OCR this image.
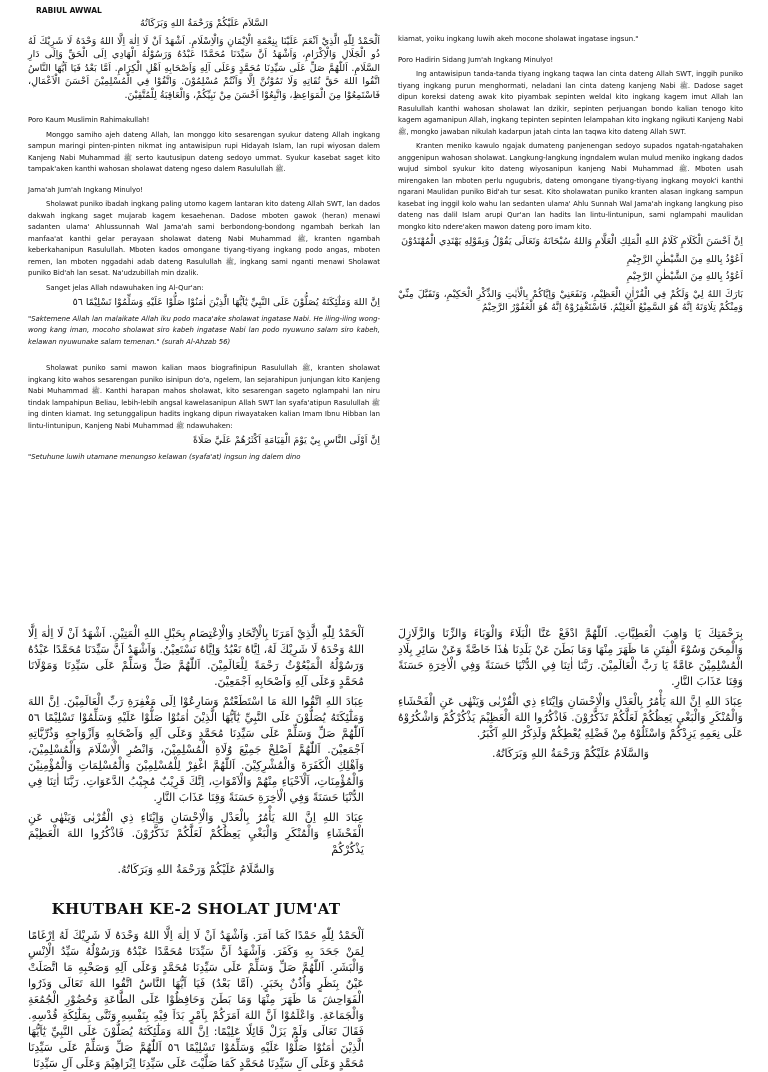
RABIUL AWWAL
السَّلاَم عَلَيْكُمْ وَرَحْمَةُ اللهِ وَبَرَكَاتُهُ
اَلْحَمْدُ لِلّٰهِ الَّذِيْ اَنْعَمَ عَلَيْنَا بِنِعْمَةِ الْاِيْمَانِ وَالْاِسْلَامِ. اَشْهَدُ اَنْ لَا اِلٰهَ اِلَّا اللهُ وَحْدَهُ لَا شَرِيْكَ لَهُ ذُو الْجَلَالِ وَالْاِكْرَامِ، وَاَشْهَدُ اَنَّ سَيِّدَنَا مُحَمَّدًا عَبْدُهُ وَرَسُوْلُهُ الْهَادِي اِلَى الْحَقِّ وَاِلَى دَارِ السَّلَامِ. اَللّٰهُمَّ صَلِّ عَلَى سَيِّدِنَا مُحَمَّدٍ وَعَلَى آلِهِ وَاَصْحَابِهِ اَهْلِ الْكِرَامِ. اَمَّا بَعْدُ فَيَا اَيُّهَا النَّاسُ اتَّقُوا اللهَ حَقَّ تُقَاتِهِ وَلَا تَمُوْتُنَّ اِلَّا وَاَنْتُمْ مُسْلِمُوْنَ. وَاتَّقُوْا فِي الْمُسْلِمِيْنَ اَحْسَنَ الْاَعْمَالِ، فَاسْتَمِعُوْا مِنَ الْمَوَاعِظِ، وَاتَّبِعُوْا اَحْسَنَ مِنْ نَبِيِّكُمْ، وَالْعَاقِبَةُ لِلْمُتَّقِيْنَ.

Poro Kaum Muslimin Rahimakullah!

Monggo samiho ajeh dateng Allah, lan monggo kito sesarengan syukur dateng Allah ingkang sampun maringi pinten-pinten nikmat ing antawisipun rupi Hidayah Islam, lan rupi wiyosan dalem Kanjeng Nabi Muhammad ﷺ serto kautusipun dateng sedoyo ummat. Syukur kasebat saget kito tampak'aken kanthi wahosan sholawat dateng ngeso dalem Rasulullah ﷺ.

Jama'ah Jum'ah Ingkang Minulyo!

Sholawat puniko ibadah ingkang paling utomo kagem lantaran kito dateng Allah SWT, lan dados dakwah ingkang saget mujarab kagem kesaehenan. Dadose mboten gawok (heran) menawi sadanten ulama' Ahlussunnah Wal Jama'ah sami berbondong-bondong ngambah berkah lan manfaa'at kanthi gelar perayaan sholawat dateng Nabi Muhammad ﷺ, kranten ngambah keberkahanipun Rasulullah. Mboten kados omongane tiyang-tiyang ingkang podo angas, mboten remen, lan mboten nggadahi adab dateng Rasulullah ﷺ, ingkang sami nganti menawi Sholawat puniko Bid'ah lan sesat. Na'udzubillah min dzalik.

Sanget jelas Allah ndawuhaken ing Al-Qur'an:

اِنَّ اللهَ وَمَلٰٓئِكَتَهُ يُصَلُّوْنَ عَلَى النَّبِيِّ يٰٓاَيُّهَا الَّذِيْنَ اٰمَنُوْا صَلُّوْا عَلَيْهِ وَسَلِّمُوْا تَسْلِيْمًا ٥٦

"Saktemene Allah lan malaikate Allah iku podo maca'ake sholawat ingatase Nabi. He iling-iling wong-wong kang iman, mocoho sholawat siro kabeh ingatase Nabi lan podo nyuwuno salam siro kabeh, kelawan nyuwunake salam temenan." (surah Al-Ahzab 56)

Sholawat puniko sami mawon kalian maos biografinipun Rasulullah ﷺ, kranten sholawat ingkang kito wahos sesarengan puniko isinipun do'a, ngelem, lan sejarahipun junjungan kito Kanjeng Nabi Muhammad ﷺ. Kanthi harapan mahos sholawat, kito sesarengan sageto nglampahi lan niru tindak lampahipun Beliau, lebih-lebih angsal kawelasanipun Allah SWT lan syafa'atipun Rasulullah ﷺ ing dinten kiamat. Ing setunggalipun hadits ingkang dipun riwayataken kalian Imam Ibnu Hibban lan lintu-lintunipun, Kanjeng Nabi Muhammad ﷺ ndawuhaken:

اِنَّ اَوْلَى النَّاسِ بِيْ يَوْمَ الْقِيَامَةِ اَكْثَرُهُمْ عَلَيَّ صَلَاةً

"Setuhune luwih utamane menungso kelawan (syafa'at) ingsun ing dalem dino

kiamat, yoiku ingkang luwih akeh mocone sholawat ingatase ingsun."

Poro Hadirin Sidang Jum'ah Ingkang Minulyo!

Ing antawisipun tanda-tanda tiyang ingkang taqwa lan cinta dateng Allah SWT, inggih puniko tiyang ingkang purun menghormati, neladani lan cinta dateng kanjeng Nabi ﷺ. Dadose saget dipun koreksi dateng awak kito piyambak sepinten weldal kito ingkang kagem imut Allah lan Rasulullah kanthi wahosan sholawat lan dzikir, sepinten perjuangan bondo kalian tenogo kito kagem agamanipun Allah, ingkang tepinten sepinten lelampahan kito ingkang ngikuti Kanjeng Nabi ﷺ, mongko jawaban nikulah kadarpun jatah cinta lan taqwa kito dateng Allah SWT.

Kranten meniko kawulo ngajak dumateng panjenengan sedoyo supados ngatah-ngatahaken anggenipun wahosan sholawat. Langkung-langkung ingndalem wulan mulud meniko ingkang dados wujud simbol syukur kito dateng wiyosanipun kanjeng Nabi Muhammad ﷺ. Mboten usah mirengaken lan mboten perlu ngugubris, dateng omongane tiyang-tiyang ingkang moyok'i kanthi ngarani Maulidan puniko Bid'ah tur sesat. Kito sholawatan puniko kranten alasan ingkang sampun kasebat ing inggil kolo wahu lan sedanten ulama' Ahlu Sunnah Wal Jama'ah ingkang langkung piso dateng nas dalil Islam arupi Qur'an lan hadits lan lintu-lintunipun, sami nglampahi maulidan mongko kito ndere'aken mawon dateng poro imam kito.

اِنَّ اَحْسَنَ الْكَلَامِ كَلَامُ اللهِ الْمَلِكِ الْعَلَّامِ وَاللهُ سُبْحَانَهُ وَتَعَالَى يَقُوْلُ وَبِقَوْلِهِ يَهْتَدِي الْمُهْتَدُوْنَ
اَعُوْذُ بِاللهِ مِنَ الشَّيْطٰنِ الرَّجِيْمِ
اَعُوْذُ بِاللهِ مِنَ الشَّيْطٰنِ الرَّجِيْمِ
بَارَكَ اللهُ لِيْ وَلَكُمْ فِي الْقُرْاٰنِ الْعَظِيْمِ، وَنَفَعَنِيْ وَاِيَّاكُمْ بِالْاٰيٰتِ وَالذِّكْرِ الْحَكِيْمِ، وَتَقَبَّلَ مِنِّيْ وَمِنْكُمْ تِلَاوَتَهُ اِنَّهُ هُوَ السَّمِيْعُ الْعَلِيْمُ. فَاسْتَغْفِرُوْهُ اِنَّهُ هُوَ الْغَفُوْرُ الرَّحِيْمُ
اَلْحَمْدُ لِلّٰهِ الَّذِيْ اَمَرَنَا بِالْاِتِّحَادِ وَالْاِعْتِصَامِ بِحَبْلِ اللهِ الْمَتِيْنِ. اَشْهَدُ اَنْ لَا اِلٰهَ اِلَّا اللهُ وَحْدَهُ لَا شَرِيْكَ لَهُ، اِيَّاهُ نَعْبُدُ وَاِيَّاهُ نَسْتَعِيْنُ. وَاَشْهَدُ اَنَّ سَيِّدَنَا مُحَمَّدًا عَبْدُهُ وَرَسُوْلُهُ الْمَبْعُوْثُ رَحْمَةً لِلْعَالَمِيْنَ. اَللّٰهُمَّ صَلِّ وَسَلِّمْ عَلَى سَيِّدِنَا وَمَوْلَانَا مُحَمَّدٍ وَعَلَى آلِهِ وَاَصْحَابِهِ اَجْمَعِيْنَ.
عِبَادَ اللهِ اتَّقُوا اللهَ مَا اسْتَطَعْتُمْ وَسَارِعُوْا اِلَى مَغْفِرَةِ رَبِّ الْعَالَمِيْنَ. اِنَّ اللهَ وَمَلٰٓئِكَتَهُ يُصَلُّوْنَ عَلَى النَّبِيِّ يٰٓاَيُّهَا الَّذِيْنَ اٰمَنُوْا صَلُّوْا عَلَيْهِ وَسَلِّمُوْا تَسْلِيْمًا ٥٦ اَللّٰهُمَّ صَلِّ وَسَلِّمْ عَلَى سَيِّدِنَا مُحَمَّدٍ وَعَلَى آلِهِ وَاَصْحَابِهِ وَاَزْوَاجِهِ وَذُرِّيَّاتِهِ اَجْمَعِيْنَ. اَللّٰهُمَّ اَصْلِحْ جَمِيْعَ وُلَاةِ الْمُسْلِمِيْنَ، وَانْصُرِ الْاِسْلَامَ وَالْمُسْلِمِيْنَ، وَاَهْلِكِ الْكَفَرَةَ وَالْمُشْرِكِيْنَ. اَللّٰهُمَّ اغْفِرْ لِلْمُسْلِمِيْنَ وَالْمُسْلِمَاتِ وَالْمُؤْمِنِيْنَ وَالْمُؤْمِنَاتِ، اَلْاَحْيَاءِ مِنْهُمْ وَالْاَمْوَاتِ، اِنَّكَ قَرِيْبٌ مُجِيْبُ الدَّعَوَاتِ. رَبَّنَا اٰتِنَا فِي الدُّنْيَا حَسَنَةً وَفِي الْاٰخِرَةِ حَسَنَةً وَقِنَا عَذَابَ النَّارِ.
عِبَادَ اللهِ اِنَّ اللهَ يَأْمُرُ بِالْعَدْلِ وَالْاِحْسَانِ وَاِيْتَاءِ ذِي الْقُرْبٰى وَيَنْهٰى عَنِ الْفَحْشَاءِ وَالْمُنْكَرِ وَالْبَغْيِ يَعِظُكُمْ لَعَلَّكُمْ تَذَكَّرُوْنَ. فَاذْكُرُوا اللهَ الْعَظِيْمَ يَذْكُرْكُمْ
وَالسَّلَامُ عَلَيْكُمْ وَرَحْمَةُ اللهِ وَبَرَكَاتُهُ.
KHUTBAH KE-2 SHOLAT JUM'AT
اَلْحَمْدُ لِلّٰهِ حَمْدًا كَمَا اَمَرَ. وَاَشْهَدُ اَنْ لَا اِلٰهَ اِلَّا اللهُ وَحْدَهُ لَا شَرِيْكَ لَهُ اِرْغَامًا لِمَنْ جَحَدَ بِهِ وَكَفَرَ. وَاَشْهَدُ اَنَّ سَيِّدَنَا مُحَمَّدًا عَبْدُهُ وَرَسُوْلُهُ سَيِّدُ الْاِنْسِ وَالْبَشَرِ. اَللّٰهُمَّ صَلِّ وَسَلِّمْ عَلَى سَيِّدِنَا مُحَمَّدٍ وَعَلَى آلِهِ وَصَحْبِهِ مَا اتَّصَلَتْ عَيْنٌ بِنَظَرٍ وَاُذُنٌ بِخَبَرٍ. (اَمَّا بَعْدُ) فَيَا اَيُّهَا النَّاسُ اتَّقُوا اللهَ تَعَالَى وَذَرُوا الْفَوَاحِشَ مَا ظَهَرَ مِنْهَا وَمَا بَطَنَ وَحَافِظُوْا عَلَى الطَّاعَةِ وَحُضُوْرِ الْجُمُعَةِ وَالْجَمَاعَةِ. وَاعْلَمُوْا اَنَّ اللهَ اَمَرَكُمْ بِاَمْرٍ بَدَاَ فِيْهِ بِنَفْسِهِ وَثَنَّى بِمَلٰٓئِكَةِ قُدْسِهِ. فَقَالَ تَعَالَى وَلَمْ يَزَلْ قَائِلًا عَلِيْمًا: اِنَّ اللهَ وَمَلٰٓئِكَتَهُ يُصَلُّوْنَ عَلَى النَّبِيِّ يٰٓاَيُّهَا الَّذِيْنَ اٰمَنُوْا صَلُّوْا عَلَيْهِ وَسَلِّمُوْا تَسْلِيْمًا ٥٦ اَللّٰهُمَّ صَلِّ وَسَلِّمْ عَلَى سَيِّدِنَا مُحَمَّدٍ وَعَلَى آلِ سَيِّدِنَا مُحَمَّدٍ كَمَا صَلَّيْتَ عَلَى سَيِّدِنَا اِبْرَاهِيْمَ وَعَلَى آلِ سَيِّدِنَا
بِرَحْمَتِكَ يَا وَاهِبَ الْعَطِيَّاتِ. اَللّٰهُمَّ ادْفَعْ عَنَّا الْبَلَاءَ وَالْوَبَاءَ وَالزِّنَا وَالزَّلَازِلَ وَالْمِحَنَ وَسُوْءَ الْفِتَنِ مَا ظَهَرَ مِنْهَا وَمَا بَطَنَ عَنْ بَلَدِنَا هٰذَا خَاصَّةً وَعَنْ سَائِرِ بِلَادِ الْمُسْلِمِيْنَ عَامَّةً يَا رَبَّ الْعَالَمِيْنَ. رَبَّنَا اٰتِنَا فِي الدُّنْيَا حَسَنَةً وَفِي الْاٰخِرَةِ حَسَنَةً وَقِنَا عَذَابَ النَّارِ.
عِبَادَ اللهِ اِنَّ اللهَ يَأْمُرُ بِالْعَدْلِ وَالْاِحْسَانِ وَاِيْتَاءِ ذِي الْقُرْبٰى وَيَنْهٰى عَنِ الْفَحْشَاءِ وَالْمُنْكَرِ وَالْبَغْيِ يَعِظُكُمْ لَعَلَّكُمْ تَذَكَّرُوْنَ. فَاذْكُرُوا اللهَ الْعَظِيْمَ يَذْكُرْكُمْ وَاشْكُرُوْهُ عَلَى نِعَمِهِ يَزِدْكُمْ وَاسْئَلُوْهُ مِنْ فَضْلِهِ يُعْطِكُمْ وَلَذِكْرُ اللهِ اَكْبَرُ.
وَالسَّلَامُ عَلَيْكُمْ وَرَحْمَةُ اللهِ وَبَرَكَاتُهُ.
